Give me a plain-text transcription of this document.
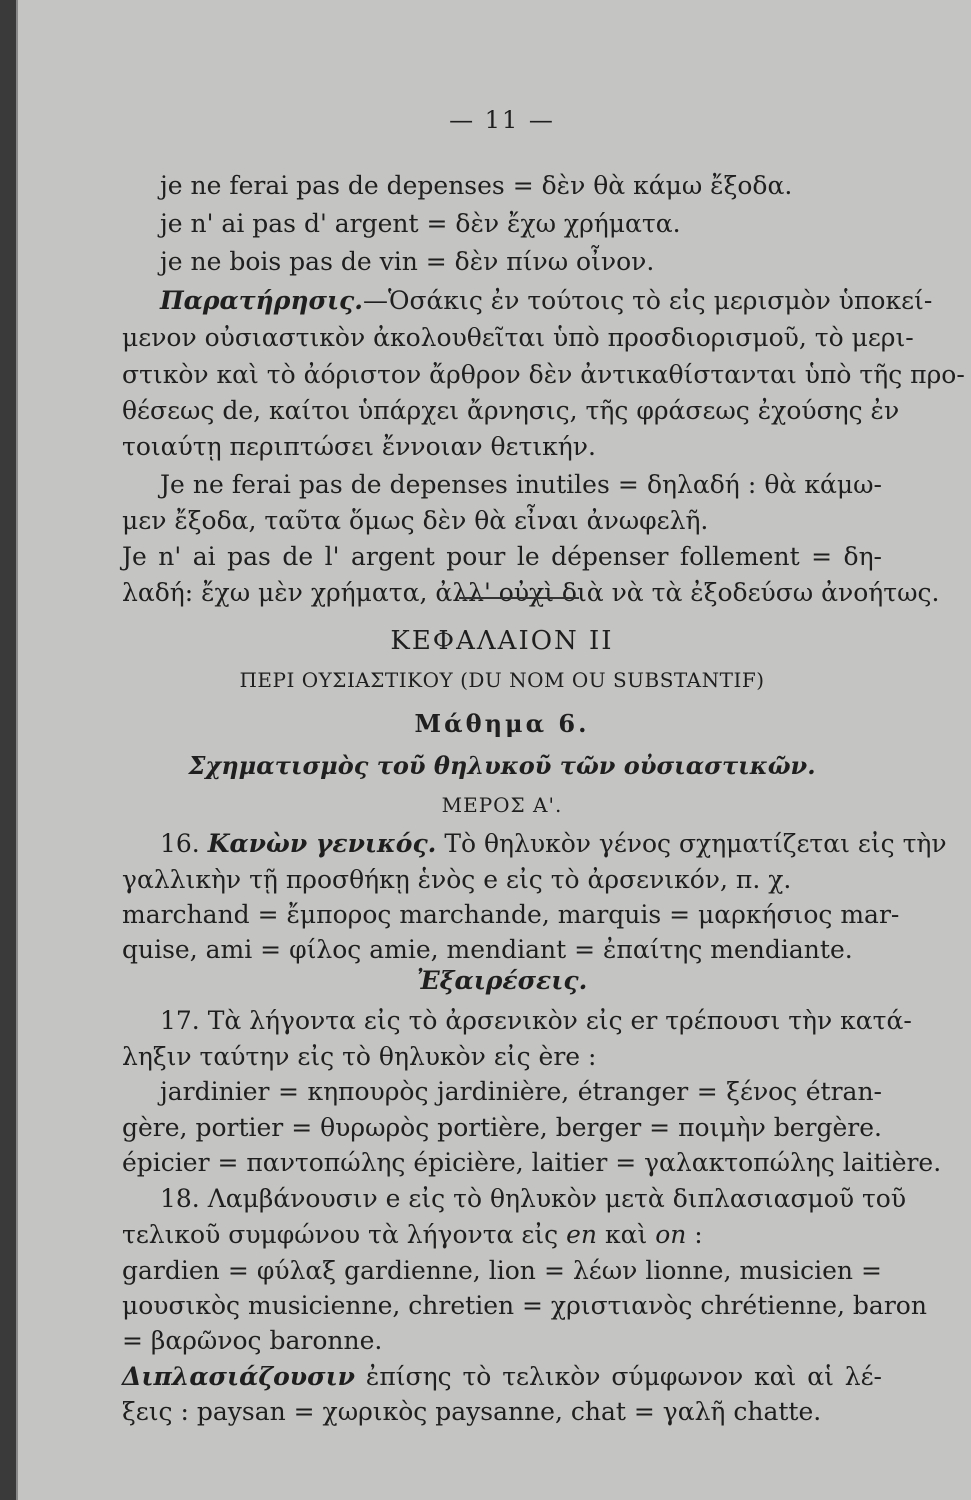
— 11 —
je ne ferai pas de depenses = δὲν θὰ κάμω ἔξοδα.
je n' ai pas d' argent = δὲν ἔχω χρήματα.
je ne bois pas de vin = δὲν πίνω οἶνον.
Παρατήρησις.—Ὁσάκις ἐν τούτοις τὸ εἰς μερισμὸν ὑποκεί-
μενον οὐσιαστικὸν ἀκολουθεῖται ὑπὸ προσδιορισμοῦ, τὸ μερι-
στικὸν καὶ τὸ ἀόριστον ἄρθρον δὲν ἀντικαθίστανται ὑπὸ τῆς προ-
θέσεως de, καίτοι ὑπάρχει ἄρνησις, τῆς φράσεως ἐχούσης ἐν
τοιαύτῃ περιπτώσει ἔννοιαν θετικήν.
Je ne ferai pas de depenses inutiles = δηλαδή : θὰ κάμω-
μεν ἔξοδα, ταῦτα ὅμως δὲν θὰ εἶναι ἀνωφελῆ.
Je n' ai pas de l' argent pour le dépenser follement = δη-
λαδή: ἔχω μὲν χρήματα, ἀλλ' οὐχὶ διὰ νὰ τὰ ἐξοδεύσω ἀνοήτως.
ΚΕΦΑΛΑΙΟΝ ΙΙ
ΠΕΡΙ ΟΥΣΙΑΣΤΙΚΟΥ (DU NOM OU SUBSTANTIF)
Μάθημα 6.
Σχηματισμὸς τοῦ θηλυκοῦ τῶν οὐσιαστικῶν.
ΜΕΡΟΣ Α'.
16. Κανὼν γενικός. Τὸ θηλυκὸν γένος σχηματίζεται εἰς τὴν
γαλλικὴν τῇ προσθήκῃ ἑνὸς e εἰς τὸ ἀρσενικόν, π. χ.
marchand = ἔμπορος marchande, marquis = μαρκήσιος mar-
quise, ami = φίλος amie, mendiant = ἐπαίτης mendiante.
Ἐξαιρέσεις.
17. Τὰ λήγοντα εἰς τὸ ἀρσενικὸν εἰς er τρέπουσι τὴν κατά-
ληξιν ταύτην εἰς τὸ θηλυκὸν εἰς ère :
jardinier = κηπουρὸς jardinière, étranger = ξένος étran-
gère, portier = θυρωρὸς portière, berger = ποιμὴν bergère.
épicier = παντοπώλης épicière, laitier = γαλακτοπώλης laitière.
18. Λαμβάνουσιν e εἰς τὸ θηλυκὸν μετὰ διπλασιασμοῦ τοῦ
τελικοῦ συμφώνου τὰ λήγοντα εἰς en καὶ on :
gardien = φύλαξ gardienne, lion = λέων lionne, musicien =
μουσικὸς musicienne, chretien = χριστιανὸς chrétienne, baron
= βαρῶνος baronne.
Διπλασιάζουσιν ἐπίσης τὸ τελικὸν σύμφωνον καὶ αἱ λέ-
ξεις : paysan = χωρικὸς paysanne, chat = γαλῆ chatte.
